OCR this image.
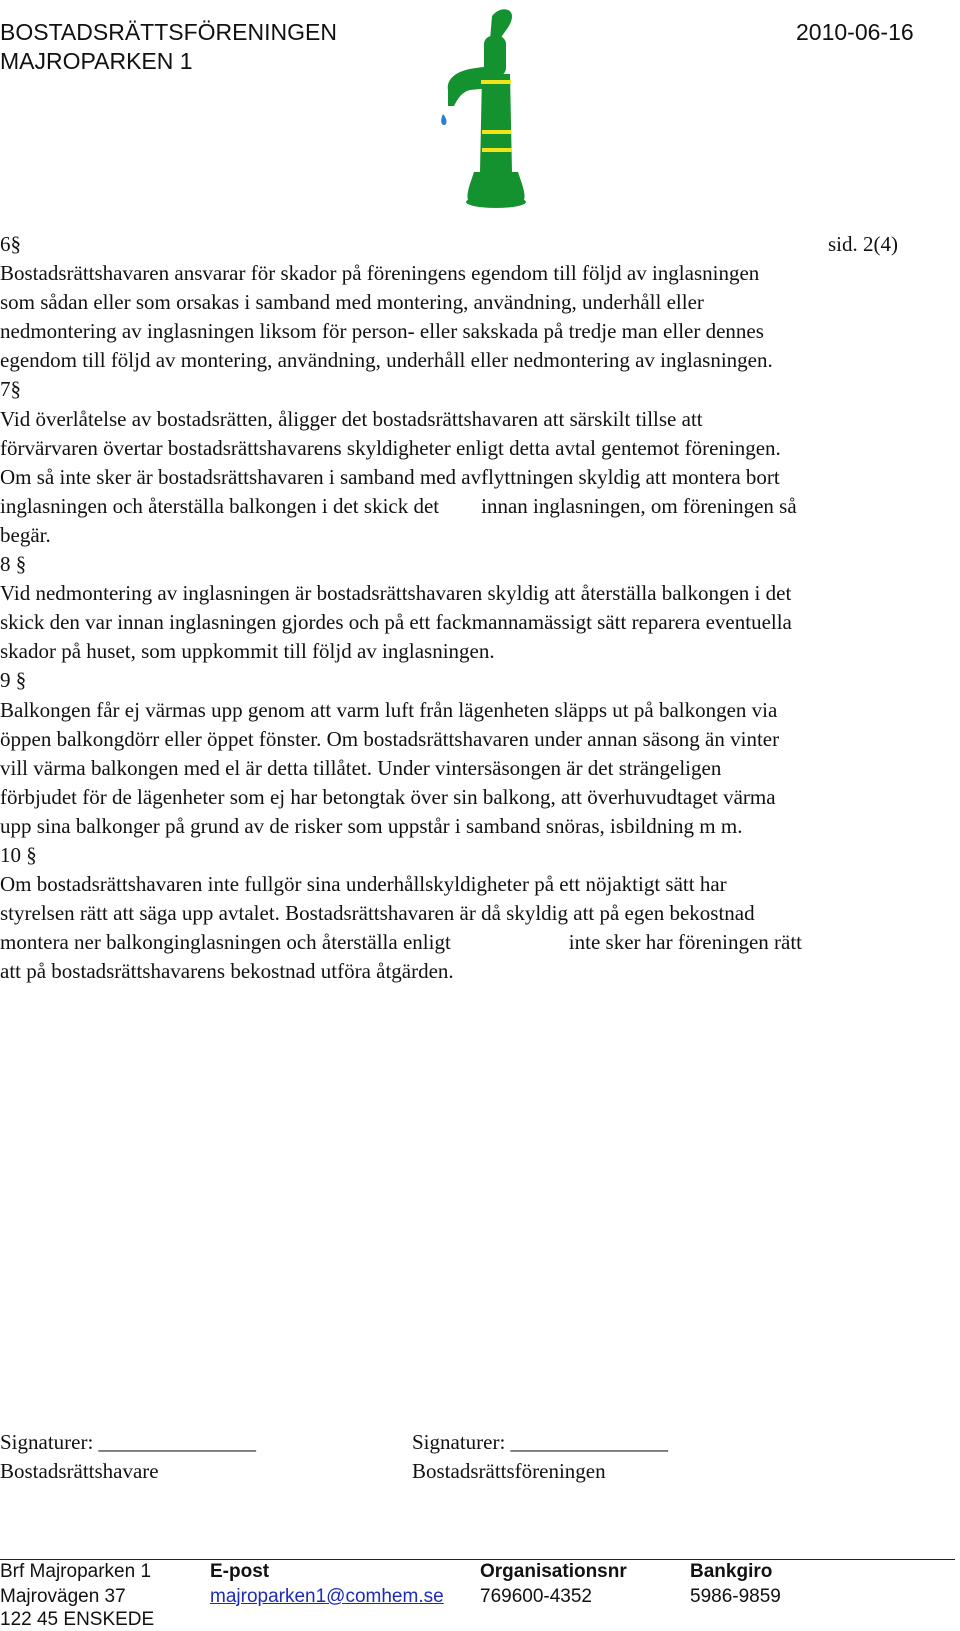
BOSTADSRÄTTSFÖRENINGEN
MAJROPARKEN 1
2010-06-16
6§	sid. 2(4)
Bostadsrättshavaren ansvarar för skador på föreningens egendom till följd av inglasningen
som sådan eller som orsakas i samband med montering, användning, underhåll eller
nedmontering av inglasningen liksom för person- eller sakskada på tredje man eller dennes
egendom till följd av montering, användning, underhåll eller nedmontering av inglasningen.
7§
Vid överlåtelse av bostadsrätten, åligger det bostadsrättshavaren att särskilt tillse att
förvärvaren övertar bostadsrättshavarens skyldigheter enligt detta avtal gentemot föreningen.
Om så inte sker är bostadsrättshavaren i samband med avflyttningen skyldig att montera bort
inglasningen och återställa balkongen i det skick det innan inglasningen, om föreningen så
begär.
8 §
Vid nedmontering av inglasningen är bostadsrättshavaren skyldig att återställa balkongen i det
skick den var innan inglasningen gjordes och på ett fackmannamässigt sätt reparera eventuella
skador på huset, som uppkommit till följd av inglasningen.
9 §
Balkongen får ej värmas upp genom att varm luft från lägenheten släpps ut på balkongen via
öppen balkongdörr eller öppet fönster. Om bostadsrättshavaren under annan säsong än vinter
vill värma balkongen med el är detta tillåtet. Under vintersäsongen är det strängeligen
förbjudet för de lägenheter som ej har betongtak över sin balkong, att överhuvudtaget värma
upp sina balkonger på grund av de risker som uppstår i samband snöras, isbildning m m.
10 §
Om bostadsrättshavaren inte fullgör sina underhållskyldigheter på ett nöjaktigt sätt har
styrelsen rätt att säga upp avtalet. Bostadsrättshavaren är då skyldig att på egen bekostnad
montera ner balkonginglasningen och återställa enligt	inte sker har föreningen rätt
att på bostadsrättshavarens bekostnad utföra åtgärden.
Signaturer: _______________
Bostadsrättshavare
Signaturer: _______________
Bostadsrättsföreningen
Brf Majroparken 1
Majrovägen 37
122 45 ENSKEDE
E-post
majroparken1@comhem.se
Organisationsnr
769600-4352
Bankgiro
5986-9859
